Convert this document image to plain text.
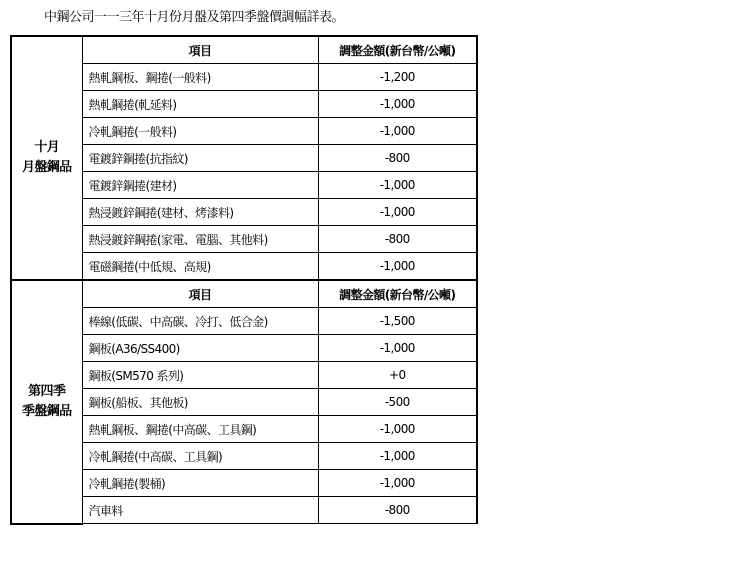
中鋼公司一一三年十月份月盤及第四季盤價調幅詳表。
十月
月盤鋼品	項目	調整金額(新台幣/公噸)
	熱軋鋼板、鋼捲(一般料)	-1,200
	熱軋鋼捲(軋延料)	-1,000
	冷軋鋼捲(一般料)	-1,000
	電鍍鋅鋼捲(抗指紋)	-800
	電鍍鋅鋼捲(建材)	-1,000
	熱浸鍍鋅鋼捲(建材、烤漆料)	-1,000
	熱浸鍍鋅鋼捲(家電、電腦、其他料)	-800
	電磁鋼捲(中低規、高規)	-1,000
第四季
季盤鋼品	項目	調整金額(新台幣/公噸)
	棒線(低碳、中高碳、冷打、低合金)	-1,500
	鋼板(A36/SS400)	-1,000
	鋼板(SM570 系列)	+0
	鋼板(船板、其他板)	-500
	熱軋鋼板、鋼捲(中高碳、工具鋼)	-1,000
	冷軋鋼捲(中高碳、工具鋼)	-1,000
	冷軋鋼捲(製桶)	-1,000
	汽車料	-800
